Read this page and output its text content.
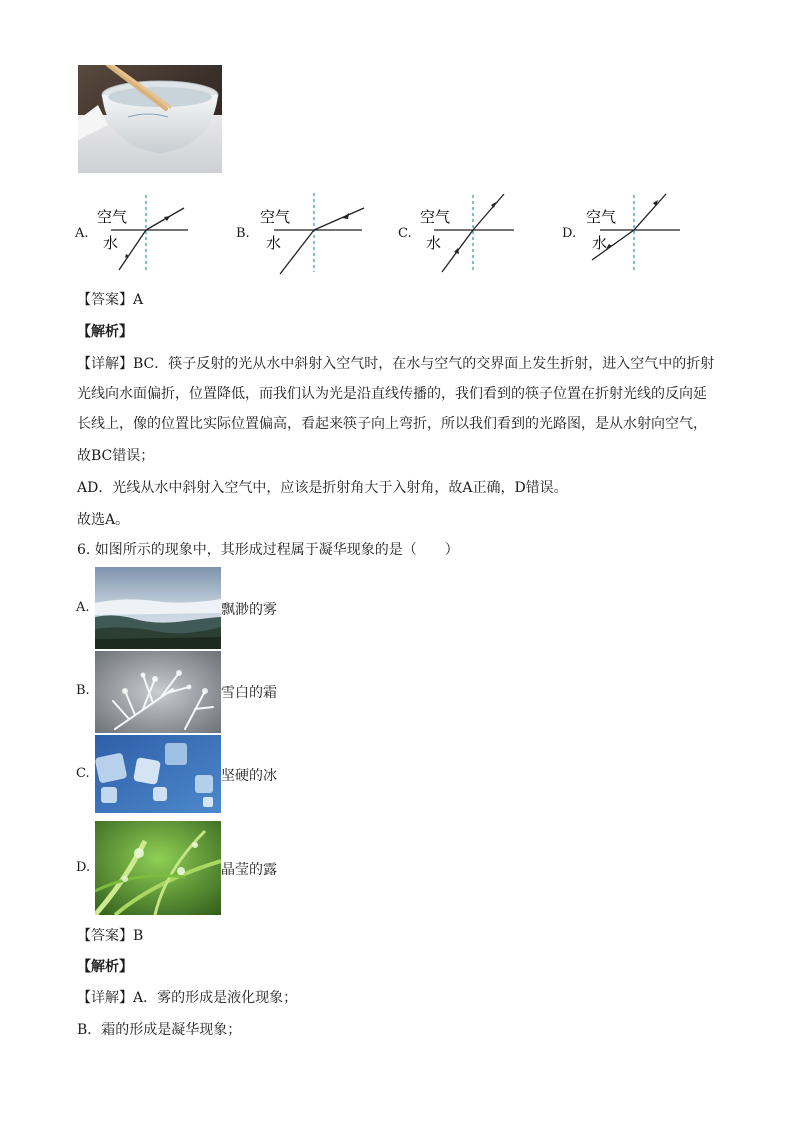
A.
空气
水
B.
空气
水
C.
空气
水
D.
空气
水
【答案】A
【解析】
【详解】BC．筷子反射的光从水中斜射入空气时，在水与空气的交界面上发生折射，进入空气中的折射
光线向水面偏折，位置降低，而我们认为光是沿直线传播的，我们看到的筷子位置在折射光线的反向延
长线上，像的位置比实际位置偏高，看起来筷子向上弯折，所以我们看到的光路图，是从水射向空气，
故BC错误；
AD．光线从水中斜射入空气中，应该是折射角大于入射角，故A正确，D错误。
故选A。
6. 如图所示的现象中，其形成过程属于凝华现象的是（　　）
A.	飘渺的雾
B.	雪白的霜
C.	坚硬的冰
D.	晶莹的露
【答案】B
【解析】
【详解】A．雾的形成是液化现象；
B．霜的形成是凝华现象；
